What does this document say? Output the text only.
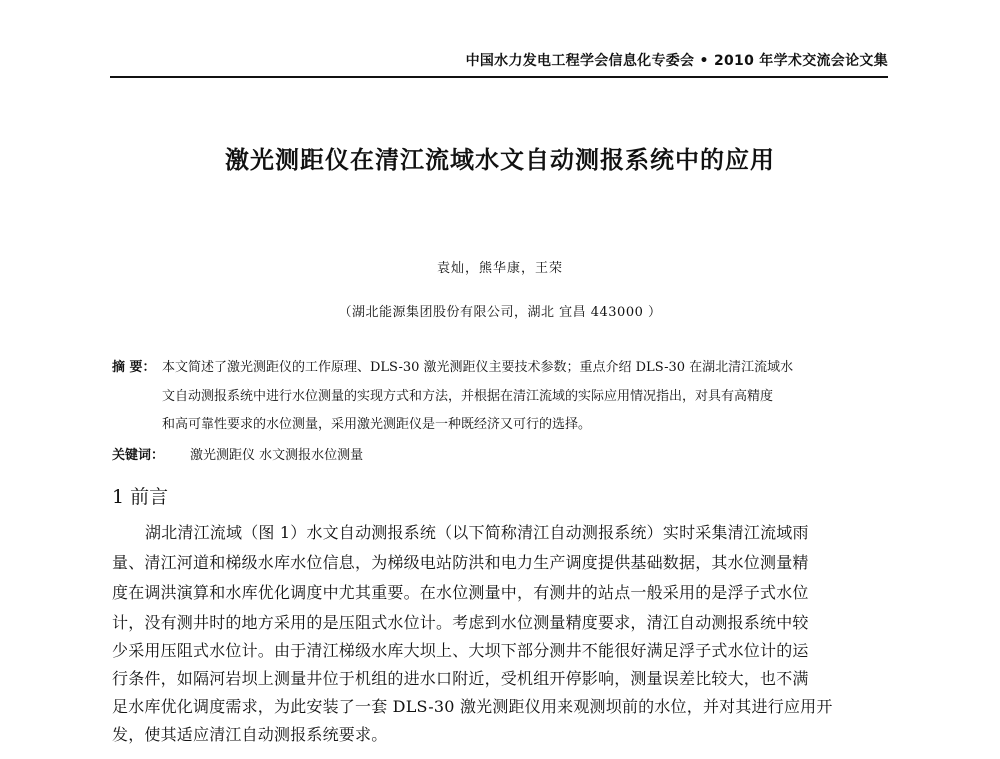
中国水力发电工程学会信息化专委会 • 2010 年学术交流会论文集
激光测距仪在清江流域水文自动测报系统中的应用
袁灿，熊华康，王荣
（湖北能源集团股份有限公司，湖北 宜昌 443000 ）
摘 要： 本文简述了激光测距仪的工作原理、DLS-30 激光测距仪主要技术参数；重点介绍 DLS-30 在湖北清江流域水
文自动测报系统中进行水位测量的实现方式和方法，并根据在清江流域的实际应用情况指出，对具有高精度
和高可靠性要求的水位测量，采用激光测距仪是一种既经济又可行的选择。
关键词： 激光测距仪 水文测报水位测量
1 前言
湖北清江流域（图 1）水文自动测报系统（以下简称清江自动测报系统）实时采集清江流域雨
量、清江河道和梯级水库水位信息，为梯级电站防洪和电力生产调度提供基础数据，其水位测量精
度在调洪演算和水库优化调度中尤其重要。在水位测量中，有测井的站点一般采用的是浮子式水位
计，没有测井时的地方采用的是压阻式水位计。考虑到水位测量精度要求，清江自动测报系统中较
少采用压阻式水位计。由于清江梯级水库大坝上、大坝下部分测井不能很好满足浮子式水位计的运
行条件，如隔河岩坝上测量井位于机组的进水口附近，受机组开停影响，测量误差比较大，也不满
足水库优化调度需求，为此安装了一套 DLS-30 激光测距仪用来观测坝前的水位，并对其进行应用开
发，使其适应清江自动测报系统要求。
